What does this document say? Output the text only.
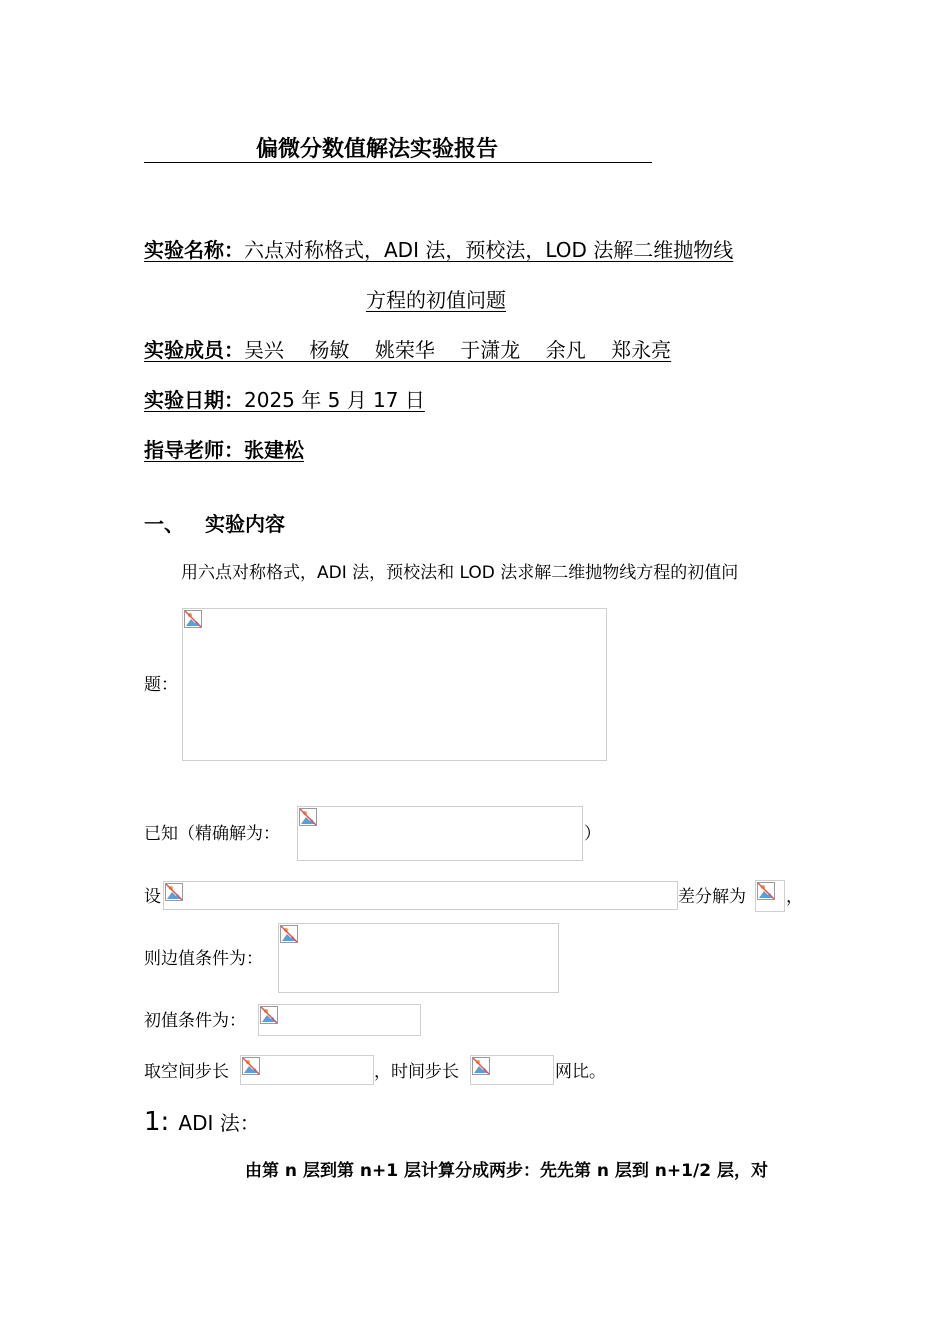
偏微分数值解法实验报告
实验名称：六点对称格式，ADI 法，预校法，LOD 法解二维抛物线
方程的初值问题
实验成员：吴兴    杨敏    姚荣华    于潇龙    余凡    郑永亮
实验日期：2025 年 5 月 17 日
指导老师：张建松
一、 实验内容
用六点对称格式，ADI 法，预校法和 LOD 法求解二维抛物线方程的初值问
题：
已知（精确解为：	）
设	差分解为 ，
则边值条件为：
初值条件为：
取空间步长	，时间步长	网比。
1: ADI 法：
由第 n 层到第 n+1 层计算分成两步：先先第 n 层到 n+1/2 层，对
